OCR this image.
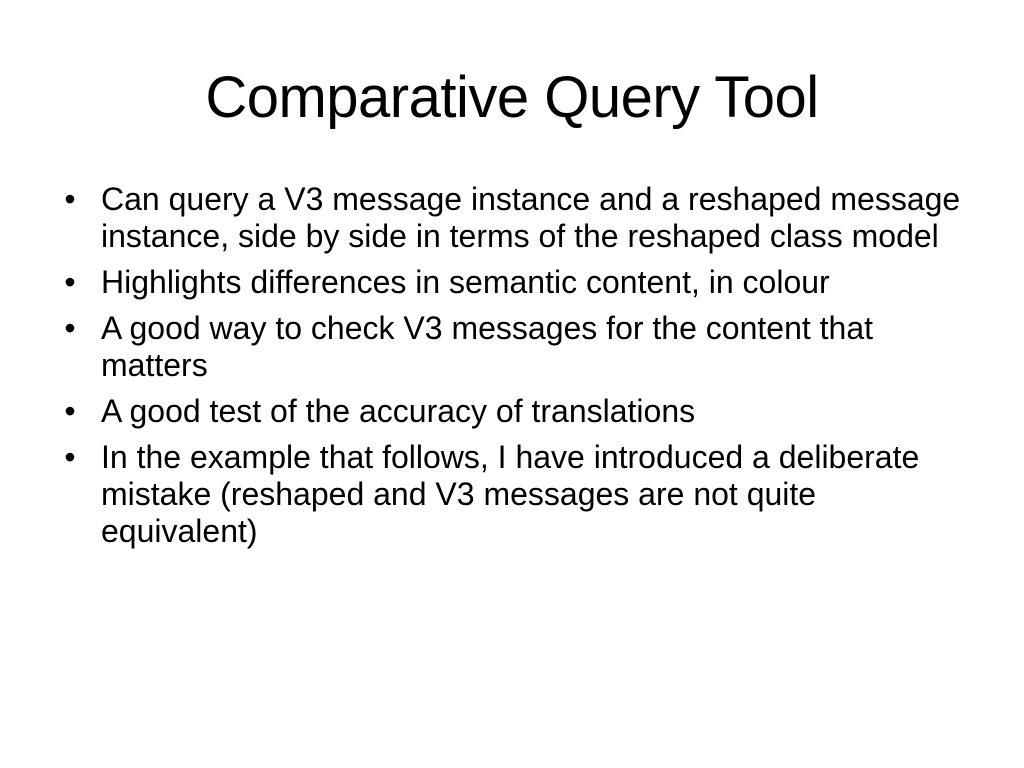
Comparative Query Tool
• Can query a V3 message instance and a reshaped message instance, side by side in terms of the reshaped class model
• Highlights differences in semantic content, in colour
• A good way to check V3 messages for the content that matters
• A good test of the accuracy of translations
• In the example that follows, I have introduced a deliberate mistake (reshaped and V3 messages are not quite equivalent)
